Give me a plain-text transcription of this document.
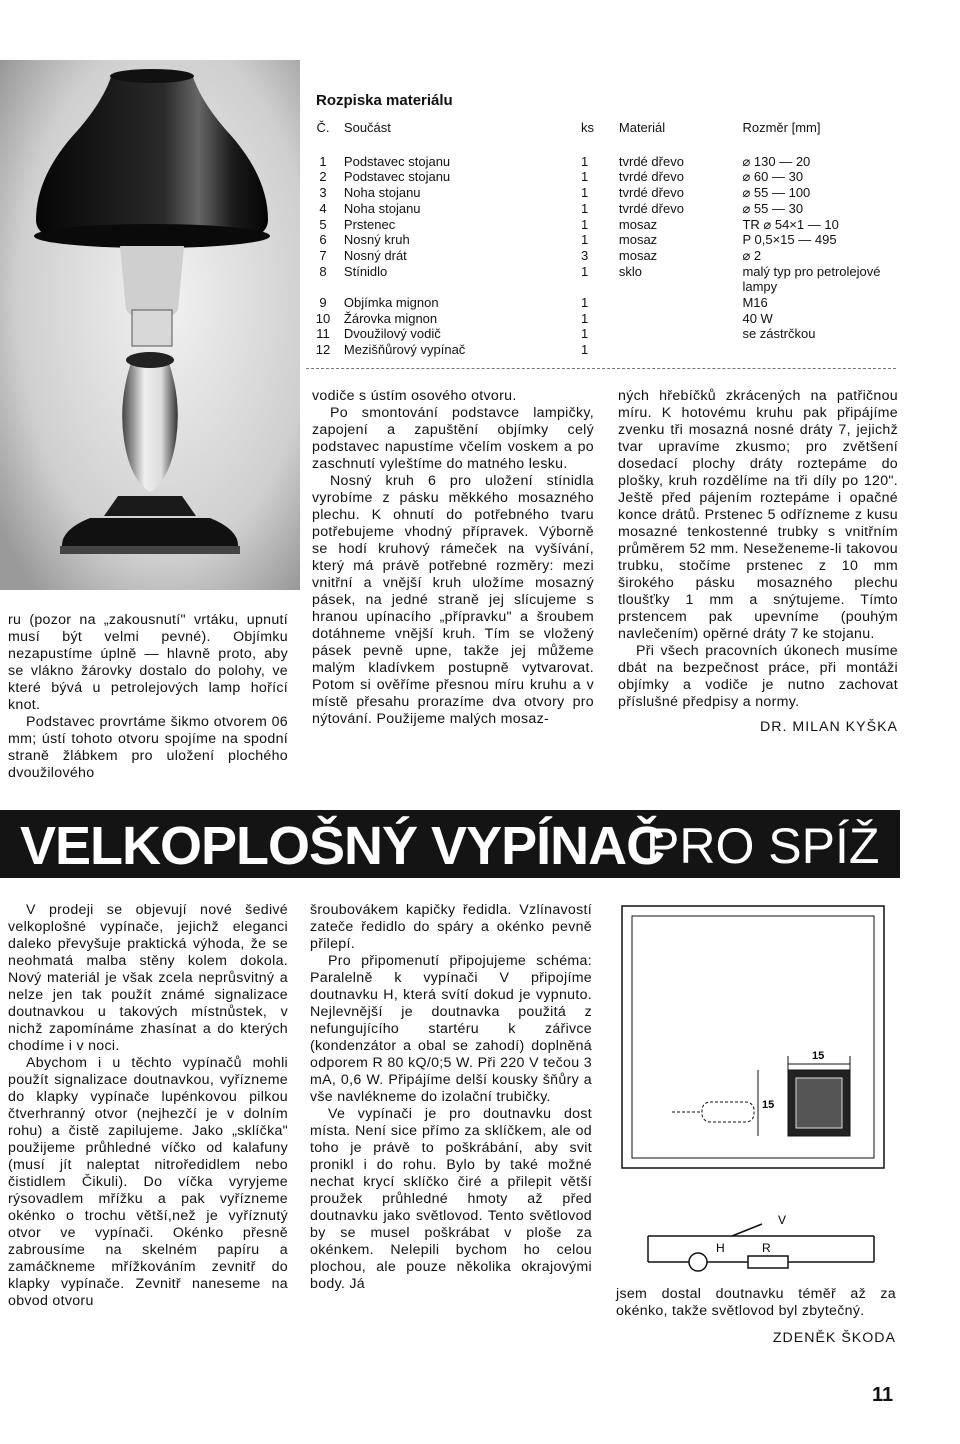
Rozpiska materiálu
Č.	Součást	ks	Materiál	Rozměr [mm]
1	Podstavec stojanu	1	tvrdé dřevo	⌀ 130 — 20
2	Podstavec stojanu	1	tvrdé dřevo	⌀ 60 — 30
3	Noha stojanu	1	tvrdé dřevo	⌀ 55 — 100
4	Noha stojanu	1	tvrdé dřevo	⌀ 55 — 30
5	Prstenec	1	mosaz	TR ⌀ 54×1 — 10
6	Nosný kruh	1	mosaz	P 0,5×15 — 495
7	Nosný drát	3	mosaz	⌀ 2
8	Stínidlo	1	sklo	malý typ pro petrolejové lampy
9	Objímka mignon	1		M16
10	Žárovka mignon	1		40 W
11	Dvoužilový vodič	1		se zástrčkou
12	Mezišňůrový vypínač	1		

ru (pozor na „zakousnutí" vrtáku, upnutí musí být velmi pevné). Objímku nezapustíme úplně — hlavně proto, aby se vlákno žárovky dostalo do polohy, ve které bývá u petrolejových lamp hořící knot.

Podstavec provrtáme šikmo otvorem 06 mm; ústí tohoto otvoru spojíme na spodní straně žlábkem pro uložení plochého dvoužilového

vodiče s ústím osového otvoru.

Po smontování podstavce lampičky, zapojení a zapuštění objímky celý podstavec napustíme včelím voskem a po zaschnutí vyleštíme do matného lesku.

Nosný kruh 6 pro uložení stínidla vyrobíme z pásku měkkého mosazného plechu. K ohnutí do potřebného tvaru potřebujeme vhodný přípravek. Výborně se hodí kruhový rámeček na vyšívání, který má právě potřebné rozměry: mezi vnitřní a vnější kruh uložíme mosazný pásek, na jedné straně jej slícujeme s hranou upínacího „přípravku" a šroubem dotáhneme vnější kruh. Tím se vložený pásek pevně upne, takže jej můžeme malým kladívkem postupně vytvarovat. Potom si ověříme přesnou míru kruhu a v místě přesahu prorazíme dva otvory pro nýtování. Použijeme malých mosaz-

ných hřebíčků zkrácených na patřičnou míru. K hotovému kruhu pak připájíme zvenku tři mosazná nosné dráty 7, jejichž tvar upravíme zkusmo; pro zvětšení dosedací plochy dráty roztepáme do plošky, kruh rozdělíme na tři díly po 120". Ještě před pájením roztepáme i opačné konce drátů. Prstenec 5 odřízneme z kusu mosazné tenkostenné trubky s vnitřním průměrem 52 mm. Neseženeme-li takovou trubku, stočíme prstenec z 10 mm širokého pásku mosazného plechu tloušťky 1 mm a snýtujeme. Tímto prstencem pak upevníme (pouhým navlečením) opěrné dráty 7 ke stojanu.

Při všech pracovních úkonech musíme dbát na bezpečnost práce, při montáži objímky a vodiče je nutno zachovat příslušné předpisy a normy.

DR. MILAN KYŠKA
VELKOPLOŠNÝ VYPÍNAČ
PRO SPÍŽ

V prodeji se objevují nové šedivé velkoplošné vypínače, jejichž eleganci daleko převyšuje praktická výhoda, že se neohmatá malba stěny kolem dokola. Nový materiál je však zcela neprůsvitný a nelze jen tak použít známé signalizace doutnavkou u takových místnůstek, v nichž zapomínáme zhasínat a do kterých chodíme i v noci.

Abychom i u těchto vypínačů mohli použít signalizace doutnavkou, vyřízneme do klapky vypínače lupénkovou pilkou čtverhranný otvor (nejhezčí je v dolním rohu) a čistě zapilujeme. Jako „sklíčka" použijeme průhledné víčko od kalafuny (musí jít naleptat nitroředidlem nebo čistidlem Čikuli). Do víčka vyryjeme rýsovadlem mřížku a pak vyřízneme okénko o trochu větší,než je vyříznutý otvor ve vypínači. Okénko přesně zabrousíme na skelném papíru a zamáčkneme mřížkováním zevnitř do klapky vypínače. Zevnitř naneseme na obvod otvoru

šroubovákem kapičky ředidla. Vzlínavostí zateče ředidlo do spáry a okénko pevně přilepí.

Pro připomenutí připojujeme schéma: Paralelně k vypínači V připojíme doutnavku H, která svítí dokud je vypnuto. Nejlevnější je doutnavka použitá z nefungujícího startéru k zářivce (kondenzátor a obal se zahodí) doplněná odporem R 80 kQ/0;5 W. Při 220 V tečou 3 mA, 0,6 W. Připájíme delší kousky šňůry a vše navlékneme do izolační trubičky.

Ve vypínači je pro doutnavku dost místa. Není sice přímo za sklíčkem, ale od toho je právě to poškrábání, aby svit pronikl i do rohu. Bylo by také možné nechat krycí sklíčko čiré a přilepit větší proužek průhledné hmoty až před doutnavku jako světlovod. Tento světlovod by se musel poškrábat v ploše za okénkem. Nelepili bychom ho celou plochou, ale pouze několika okrajovými body. Já

15
15
V
H	R

jsem dostal doutnavku téměř až za okénko, takže světlovod byl zbytečný.

ZDENĚK ŠKODA
11
